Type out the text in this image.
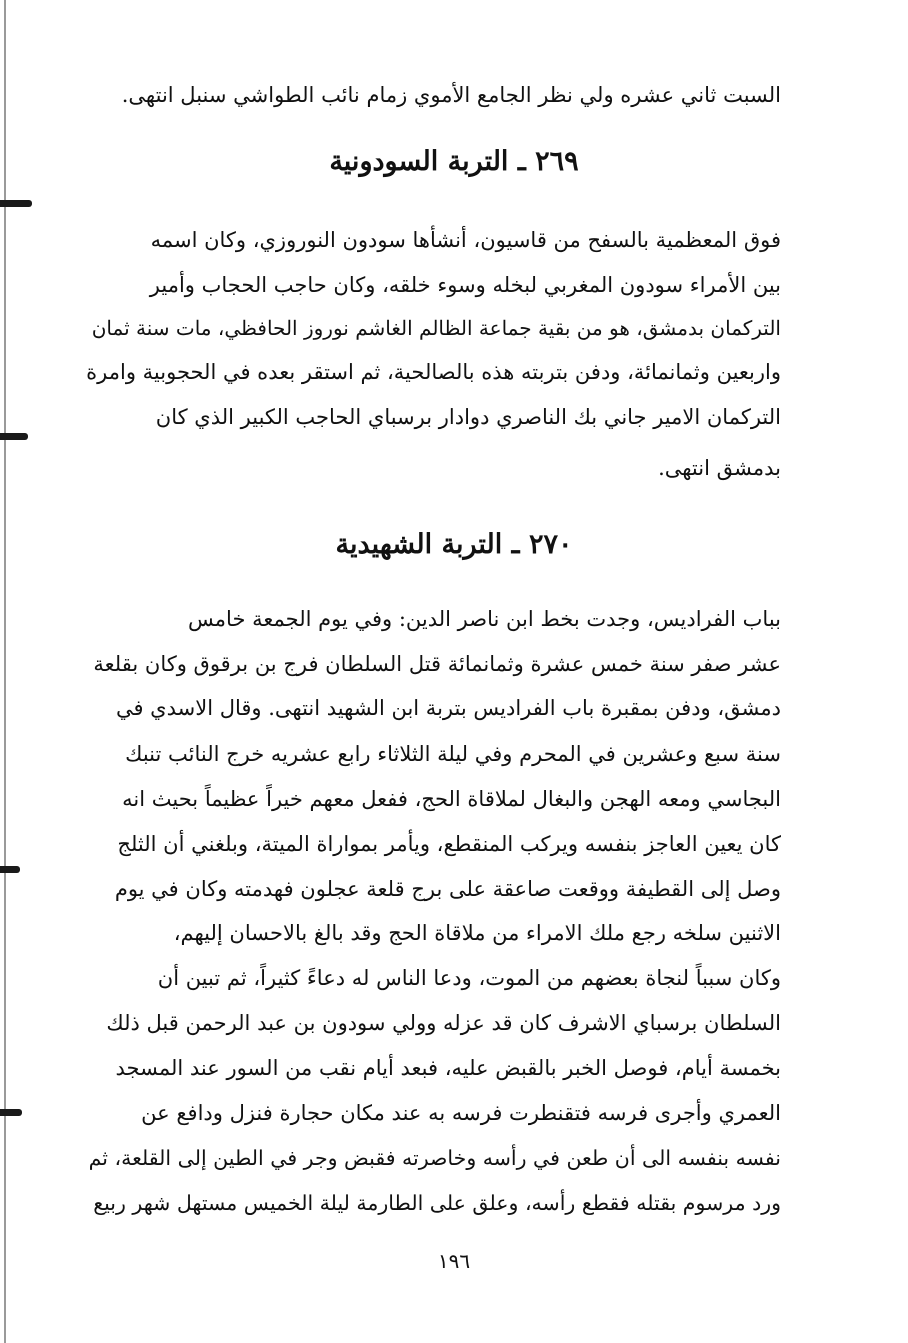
السبت ثاني عشره ولي نظر الجامع الأموي زمام نائب الطواشي سنبل انتهى.
٢٦٩ ـ التربة السودونية
فوق المعظمية بالسفح من قاسيون، أنشأها سودون النوروزي، وكان اسمه
بين الأمراء سودون المغربي لبخله وسوء خلقه، وكان حاجب الحجاب وأمير
التركمان بدمشق، هو من بقية جماعة الظالم الغاشم نوروز الحافظي، مات سنة ثمان
واربعين وثمانمائة، ودفن بتربته هذه بالصالحية، ثم استقر بعده في الحجوبية وامرة
التركمان الامير جاني بك الناصري دوادار برسباي الحاجب الكبير الذي كان
بدمشق انتهى.
٢٧٠ ـ التربة الشهيدية
بباب الفراديس، وجدت بخط ابن ناصر الدين: وفي يوم الجمعة خامس
عشر صفر سنة خمس عشرة وثمانمائة قتل السلطان فرج بن برقوق وكان بقلعة
دمشق، ودفن بمقبرة باب الفراديس بتربة ابن الشهيد انتهى. وقال الاسدي في
سنة سبع وعشرين في المحرم وفي ليلة الثلاثاء رابع عشريه خرج النائب تنبك
البجاسي ومعه الهجن والبغال لملاقاة الحج، ففعل معهم خيراً عظيماً بحيث انه
كان يعين العاجز بنفسه ويركب المنقطع، ويأمر بمواراة الميتة، وبلغني أن الثلج
وصل إلى القطيفة ووقعت صاعقة على برج قلعة عجلون فهدمته وكان في يوم
الاثنين سلخه رجع ملك الامراء من ملاقاة الحج وقد بالغ بالاحسان إليهم،
وكان سبباً لنجاة بعضهم من الموت، ودعا الناس له دعاءً كثيراً، ثم تبين أن
السلطان برسباي الاشرف كان قد عزله وولي سودون بن عبد الرحمن قبل ذلك
بخمسة أيام، فوصل الخبر بالقبض عليه، فبعد أيام نقب من السور عند المسجد
العمري وأجرى فرسه فتقنطرت فرسه به عند مكان حجارة فنزل ودافع عن
نفسه بنفسه الى أن طعن في رأسه وخاصرته فقبض وجر في الطين إلى القلعة، ثم
ورد مرسوم بقتله فقطع رأسه، وعلق على الطارمة ليلة الخميس مستهل شهر ربيع
١٩٦
